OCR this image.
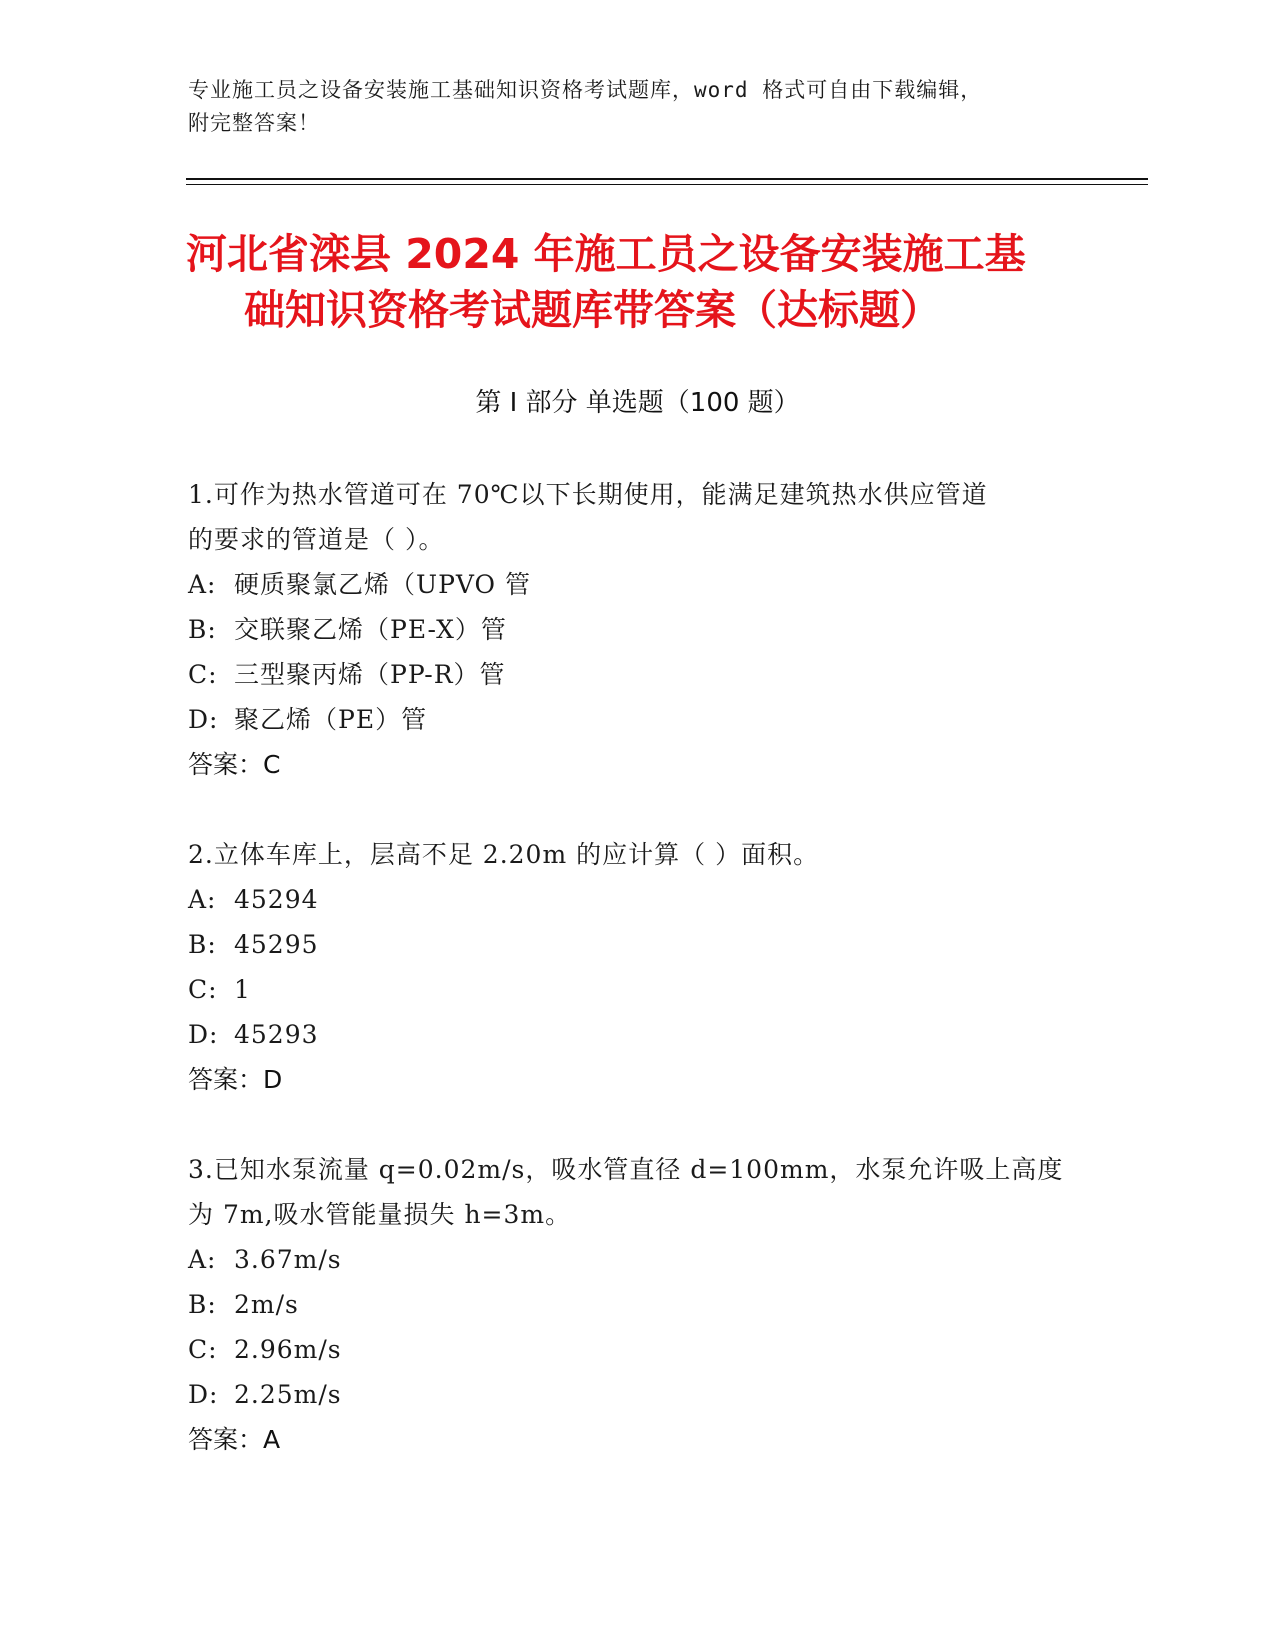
专业施工员之设备安装施工基础知识资格考试题库，word 格式可自由下载编辑，
附完整答案！
河北省滦县 2024 年施工员之设备安装施工基
础知识资格考试题库带答案（达标题）
第 I 部分 单选题（100 题）
1.可作为热水管道可在 70℃以下长期使用，能满足建筑热水供应管道
的要求的管道是（ ）。
A: 硬质聚氯乙烯（UPVO 管
B: 交联聚乙烯（PE-X）管
C: 三型聚丙烯（PP-R）管
D: 聚乙烯（PE）管
答案：C
2.立体车库上，层高不足 2.20m 的应计算（ ）面积。
A: 45294
B: 45295
C: 1
D: 45293
答案：D
3.已知水泵流量 q=0.02m/s，吸水管直径 d=100mm，水泵允许吸上高度
为 7m,吸水管能量损失 h=3m。
A: 3.67m/s
B: 2m/s
C: 2.96m/s
D: 2.25m/s
答案：A
